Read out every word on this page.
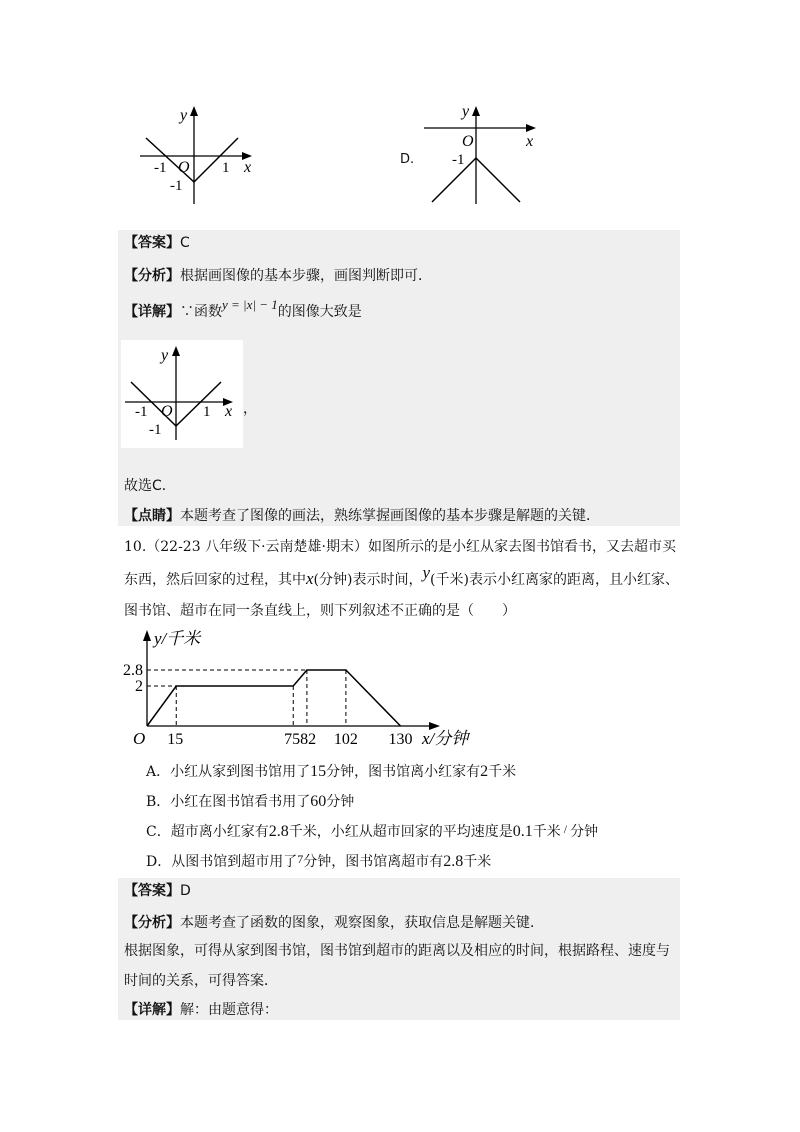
y
x
O
-1
-1
1
D.
y
x
O
-1
【答案】C
【分析】根据画图像的基本步骤，画图判断即可．
【详解】∵函数y = |x| − 1的图像大致是
y
x
O
-1
-1
1 ，
故选C．
【点睛】本题考查了图像的画法，熟练掌握画图像的基本步骤是解题的关键．
10.（22-23 八年级下·云南楚雄·期末）如图所示的是小红从家去图书馆看书，又去超市买
东西，然后回家的过程，其中x(分钟)表示时间，y(千米)表示小红离家的距离，且小红家、
图书馆、超市在同一条直线上，则下列叙述不正确的是（　　）
y/千米
x/分钟
O 15	7582 102 130
2.8
2
A．小红从家到图书馆用了15分钟，图书馆离小红家有2千米
B．小红在图书馆看书用了60分钟
C．超市离小红家有2.8千米，小红从超市回家的平均速度是0.1千米 / 分钟
D．从图书馆到超市用了7分钟，图书馆离超市有2.8千米
【答案】D
【分析】本题考查了函数的图象，观察图象，获取信息是解题关键．
根据图象，可得从家到图书馆，图书馆到超市的距离以及相应的时间，根据路程、速度与
时间的关系，可得答案．
【详解】解：由题意得：
